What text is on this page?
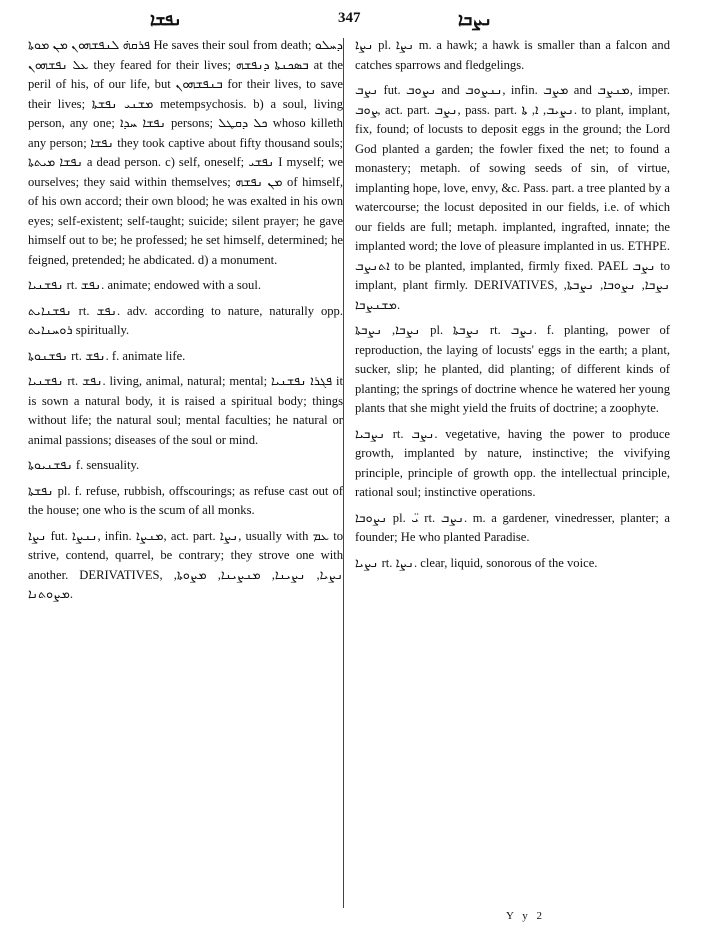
ܢܦܫܐ	347	ܢܨܒܐ

ܦܪܩܗ̇ ܠܢܦܫܗܘܢ ܡܢ ܡܘܬܐ He saves their soul from death; ܕܚܠܘ ܥܠ ܢܦܫܗܘܢ they feared for their lives; ܒܣܟܢܬܐ ܕܢܦܫܗ at the peril of his, of our life, but ܒܢܦܫܗܘܢ for their lives, to save their lives; ܡܫܢܝ ܢܦܫܬܐ metempsychosis. b) a soul, living person, any one; ܢܦܫܐ ܚܕܐ persons; ܟܠ ܕܩܛܠ whoso killeth any person; ܢܦܫܐ they took captive about fifty thousand souls; ܢܦܫܐ ܡܝܬܬܐ a dead person. c) self, oneself; ܢܦܫܝ I myself; we ourselves; they said within themselves; ܡܢ ܢܦܫܗ of himself, of his own accord; their own blood; he was exalted in his own eyes; self-existent; self-taught; suicide; silent prayer; he gave himself out to be; he professed; he set himself, determined; he feigned, pretended; he abdicated. d) a monument.

ܢܦܫܢܝܐ rt. ܢܦܫ. animate; endowed with a soul.

ܢܦܫܢܐܝܬ rt. ܢܦܫ. adv. according to nature, naturally opp. ܪܘܚܢܐܝܬ spiritually.

ܢܦܫܢܘܬܐ rt. ܢܦܫ. f. animate life.

ܢܦܫܢܝܐ rt. ܢܦܫ. living, animal, natural; mental; ܦܓܪܐ ܢܦܫܢܝܐ it is sown a natural body, it is raised a spiritual body; things without life; the natural soul; mental faculties; he natural or animal passions; diseases of the soul or mind.

ܢܦܫܢܝܘܬܐ f. sensuality.

ܢܦܫܬܐ pl. f. refuse, rubbish, offscourings; as refuse cast out of the house; one who is the scum of all monks.

ܢܨܐ fut. ܢܢܨܐ, infin. ܡܢܨܐ, act. part. ܢܨܐ, usually with ܥܡ to strive, contend, quarrel, be contrary; they strove one with another. DERIVATIVES, ܢܨܝܐ, ܢܨܝܢܐ, ܡܢܨܝܢܐ, ܡܨܘܬܐ, ܡܨܘܬܢܐ.

ܢܨܐ pl. ܢܨܐ m. a hawk; a hawk is smaller than a falcon and catches sparrows and fledgelings.

ܢܨܒ fut. ܢܨܘܒ and ܢܢܨܘܒ, infin. ܡܨܒ and ܡܢܨܒ, imper. ܨܘܒ, act. part. ܢܨܒ, pass. part. ܢܨܝܒ, ܐ, ܬܐ. to plant, implant, fix, found; of locusts to deposit eggs in the ground; the Lord God planted a garden; the fowler fixed the net; to found a monastery; metaph. of sowing seeds of sin, of virtue, implanting hope, love, envy, &c. Pass. part. a tree planted by a watercourse; the locust deposited in our fields, i.e. of which our fields are full; metaph. implanted, ingrafted, innate; the implanted word; the love of pleasure implanted in us. ETHPE. ܐܬܢܨܒ to be planted, implanted, firmly fixed. PAEL ܢܨܒ to implant, plant firmly. DERIVATIVES, ܢܨܒܐ, ܢܨܘܒܐ, ܢܨܒܬܐ, ܡܫܢܨܒܐ.

ܢܨܒܐ, ܢܨܒܬܐ pl. ܢܨܒܬܐ rt. ܢܨܒ. f. planting, power of reproduction, the laying of locusts' eggs in the earth; a plant, sucker, slip; he planted, did planting; of different kinds of planting; the springs of doctrine whence he watered her young plants that she might yield the fruits of doctrine; a zoophyte.

ܢܨܒܝܐ rt. ܢܨܒ. vegetative, having the power to produce growth, implanted by nature, instinctive; the vivifying principle, principle of growth opp. the intellectual principle, rational soul; instinctive operations.

ܢܨܘܒܐ pl. ܝ̈ rt. ܢܨܒ. m. a gardener, vinedresser, planter; a founder; He who planted Paradise.

ܢܨܝܐ rt. ܢܨܐ. clear, liquid, sonorous of the voice.

Y y 2
